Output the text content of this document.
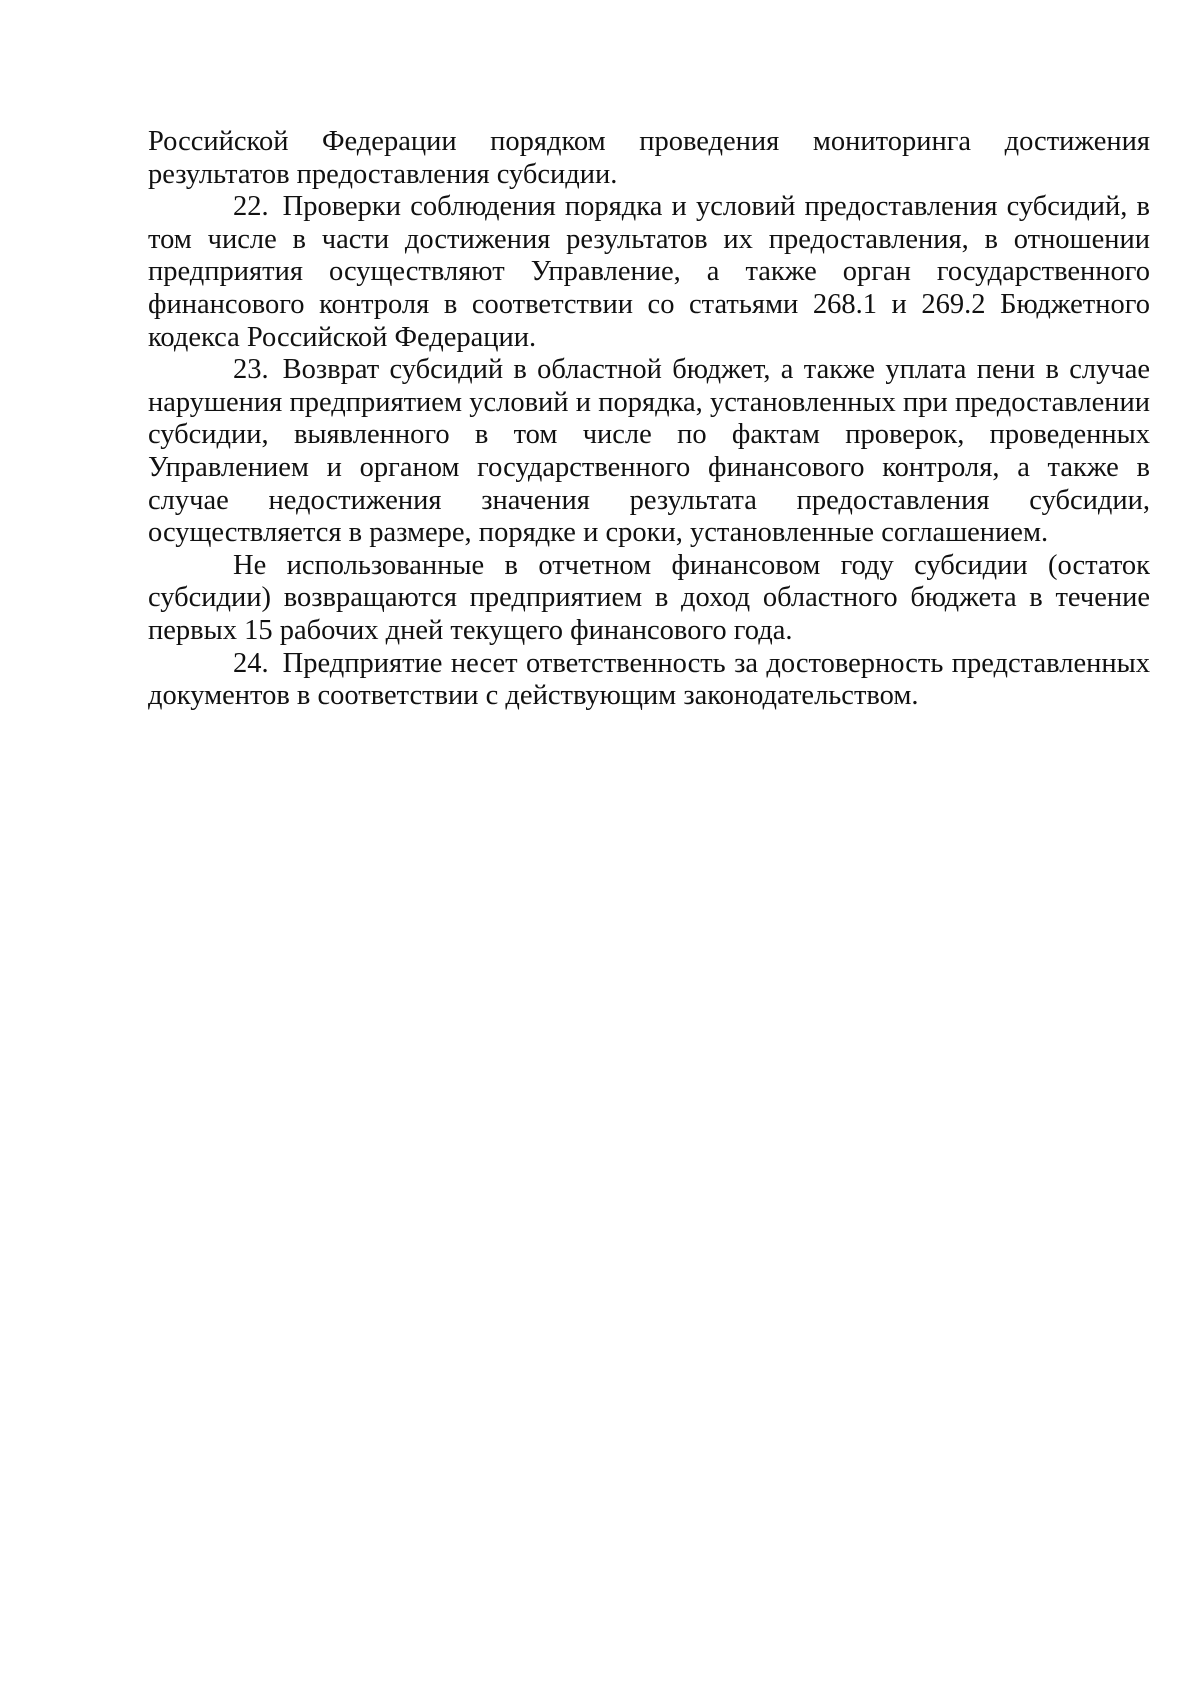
Российской Федерации порядком проведения мониторинга достижения результатов предоставления субсидии.

22. Проверки соблюдения порядка и условий предоставления субсидий, в том числе в части достижения результатов их предоставления, в отношении предприятия осуществляют Управление, а также орган государственного финансового контроля в соответствии со статьями 268.1 и 269.2 Бюджетного кодекса Российской Федерации.

23. Возврат субсидий в областной бюджет, а также уплата пени в случае нарушения предприятием условий и порядка, установленных при предоставлении субсидии, выявленного в том числе по фактам проверок, проведенных Управлением и органом государственного финансового контроля, а также в случае недостижения значения результата предоставления субсидии, осуществляется в размере, порядке и сроки, установленные соглашением.

Не использованные в отчетном финансовом году субсидии (остаток субсидии) возвращаются предприятием в доход областного бюджета в течение первых 15 рабочих дней текущего финансового года.

24. Предприятие несет ответственность за достоверность представленных документов в соответствии с действующим законодательством.
